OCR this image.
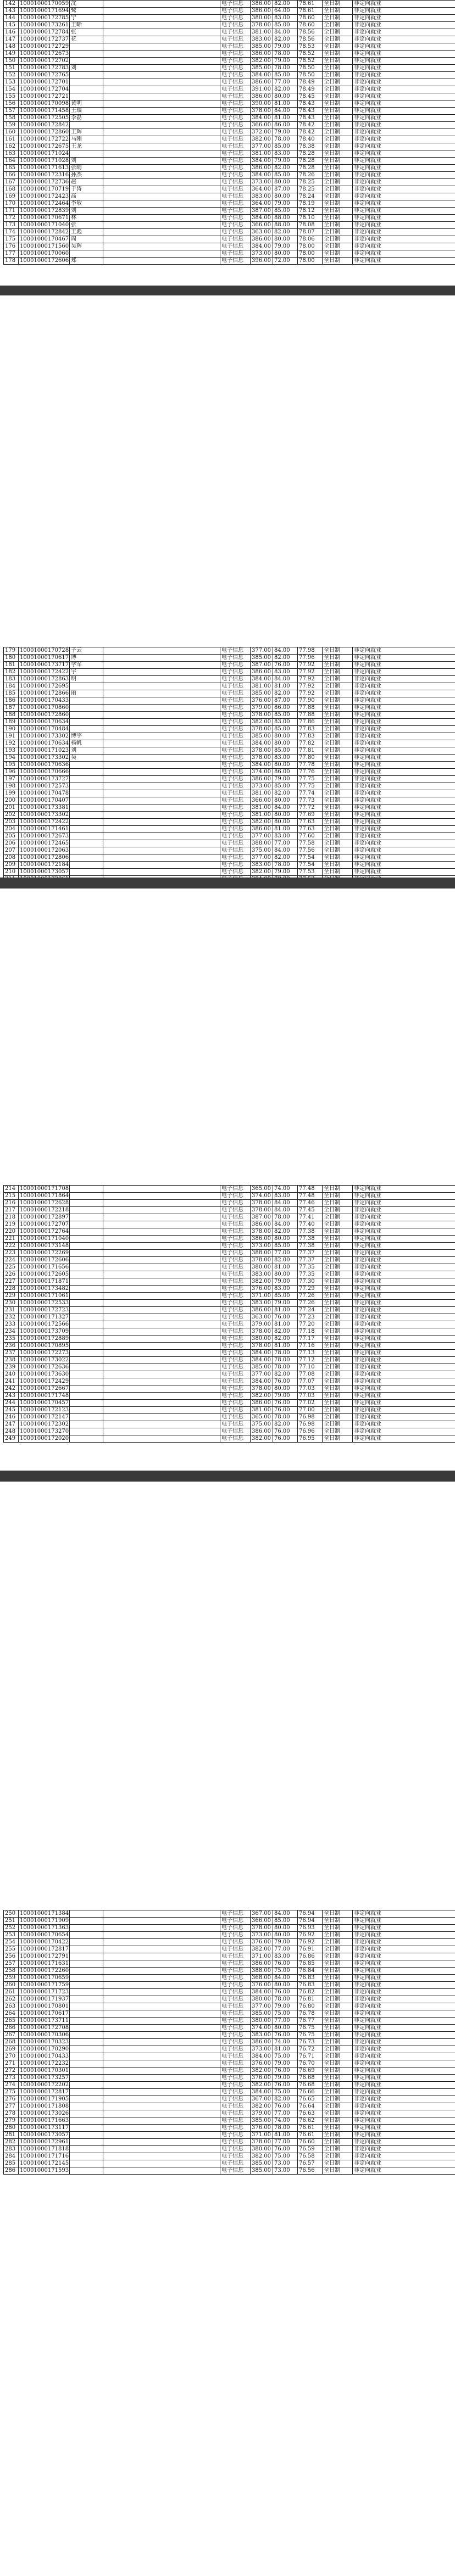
142	10001000170059	沈		电子信息	386.00	82.00	78.61	全日制	非定向就业
143	10001000171694	鹭		电子信息	386.00	64.00	78.61	全日制	非定向就业
144	10001000172785	宁		电子信息	380.00	83.00	78.60	全日制	非定向就业
145	10001000173261	王晰		电子信息	378.00	85.00	78.60	全日制	非定向就业
146	10001000172784	张		电子信息	381.00	84.00	78.56	全日制	非定向就业
147	10001000172737	花		电子信息	383.00	82.00	78.56	全日制	非定向就业
148	10001000172729			电子信息	385.00	79.00	78.53	全日制	非定向就业
149	10001000172673			电子信息	386.00	78.00	78.52	全日制	非定向就业
150	10001000172702			电子信息	382.00	79.00	78.52	全日制	非定向就业
151	10001000172783	刘		电子信息	385.00	78.00	78.50	全日制	非定向就业
152	10001000172765			电子信息	384.00	85.00	78.50	全日制	非定向就业
153	10001000172701			电子信息	386.00	77.00	78.49	全日制	非定向就业
154	10001000172704			电子信息	391.00	82.00	78.49	全日制	非定向就业
155	10001000172721			电子信息	386.00	80.00	78.45	全日制	非定向就业
156	10001000170098	黄明		电子信息	390.00	81.00	78.43	全日制	非定向就业
157	10001000171458	王瑞		电子信息	378.00	84.00	78.43	全日制	非定向就业
158	10001000172505	李磊		电子信息	384.00	81.00	78.43	全日制	非定向就业
159	10001000172842			电子信息	366.00	86.00	78.42	全日制	非定向就业
160	10001000172860	王辉		电子信息	372.00	79.00	78.42	全日制	非定向就业
161	10001000172722	马刚		电子信息	382.00	78.00	78.40	全日制	非定向就业
162	10001000172675	王龙		电子信息	377.00	85.00	78.38	全日制	非定向就业
163	10001000171024			电子信息	381.00	83.00	78.28	全日制	非定向就业
164	10001000171028	刘		电子信息	384.00	79.00	78.28	全日制	非定向就业
165	10001000171613	张晴		电子信息	386.00	82.00	78.28	全日制	非定向就业
166	10001000172316	孙杰		电子信息	384.00	85.00	78.26	全日制	非定向就业
167	10001000172736	赵		电子信息	373.00	80.00	78.25	全日制	非定向就业
168	10001000170719	于涛		电子信息	364.00	87.00	78.25	全日制	非定向就业
169	10001000172423	高		电子信息	383.00	80.00	78.24	全日制	非定向就业
170	10001000172464	李敏		电子信息	364.00	79.00	78.19	全日制	非定向就业
171	10001000172839	刘		电子信息	387.00	85.00	78.12	全日制	非定向就业
172	10001000170671	林		电子信息	384.00	88.00	78.10	全日制	非定向就业
173	10001000171040	张		电子信息	366.00	88.00	78.08	全日制	非定向就业
174	10001000172842	王彪		电子信息	363.00	82.00	78.07	全日制	非定向就业
175	10001000170467	周		电子信息	386.00	80.00	78.06	全日制	非定向就业
176	10001000171560	吴辉		电子信息	384.00	79.00	78.00	全日制	非定向就业
177	10001000170060			电子信息	373.00	80.00	78.00	全日制	非定向就业
178	10001000172606	郑		电子信息	396.00	72.00	78.00	全日制	非定向就业
179	10001000170728	子云		电子信息	377.00	84.00	77.98	全日制	非定向就业
180	10001000170617	博		电子信息	385.00	82.00	77.96	全日制	非定向就业
181	10001000173717	学军		电子信息	387.00	76.00	77.92	全日制	非定向就业
182	10001000172422	宇		电子信息	386.00	83.00	77.92	全日制	非定向就业
183	10001000172863	明		电子信息	384.00	84.00	77.92	全日制	非定向就业
184	10001000172695			电子信息	381.00	81.00	77.92	全日制	非定向就业
185	10001000172866	丽		电子信息	385.00	82.00	77.92	全日制	非定向就业
186	10001000170433			电子信息	376.00	87.00	77.90	全日制	非定向就业
187	10001000170860			电子信息	379.00	86.00	77.88	全日制	非定向就业
188	10001000172860			电子信息	378.00	85.00	77.88	全日制	非定向就业
189	10001000170634			电子信息	382.00	83.00	77.86	全日制	非定向就业
190	10001000170484			电子信息	378.00	85.00	77.83	全日制	非定向就业
191	10001000173302	博宇		电子信息	385.00	80.00	77.83	全日制	非定向就业
192	10001000170634	杨帆		电子信息	384.00	80.00	77.82	全日制	非定向就业
193	10001000171023	刘		电子信息	378.00	85.00	77.81	全日制	非定向就业
194	10001000173302	吴		电子信息	378.00	83.00	77.80	全日制	非定向就业
195	10001000170636			电子信息	384.00	80.00	77.78	全日制	非定向就业
196	10001000170666			电子信息	374.00	86.00	77.76	全日制	非定向就业
197	10001000173727			电子信息	386.00	79.00	77.75	全日制	非定向就业
198	10001000172573			电子信息	373.00	85.00	77.75	全日制	非定向就业
199	10001000170478			电子信息	381.00	82.00	77.74	全日制	非定向就业
200	10001000170407			电子信息	366.00	80.00	77.73	全日制	非定向就业
201	10001000173381			电子信息	381.00	84.00	77.72	全日制	非定向就业
202	10001000173302			电子信息	381.00	80.00	77.69	全日制	非定向就业
203	10001000172422			电子信息	382.00	80.00	77.63	全日制	非定向就业
204	10001000171461			电子信息	386.00	81.00	77.63	全日制	非定向就业
205	10001000172673			电子信息	377.00	83.00	77.60	全日制	非定向就业
206	10001000172465			电子信息	388.00	77.00	77.58	全日制	非定向就业
207	10001000172063			电子信息	375.00	84.00	77.56	全日制	非定向就业
208	10001000172806			电子信息	377.00	82.00	77.54	全日制	非定向就业
209	10001000172184			电子信息	383.00	78.00	77.54	全日制	非定向就业
210	10001000173057			电子信息	382.00	79.00	77.53	全日制	非定向就业

214	10001000171708			电子信息	365.00	74.00	77.48	全日制	非定向就业
215	10001000171864			电子信息	374.00	83.00	77.48	全日制	非定向就业
216	10001000172628			电子信息	378.00	84.00	77.46	全日制	非定向就业
217	10001000172218			电子信息	378.00	84.00	77.45	全日制	非定向就业
218	10001000172897			电子信息	387.00	78.00	77.41	全日制	非定向就业
219	10001000172707			电子信息	386.00	84.00	77.40	全日制	非定向就业
220	10001000172764			电子信息	378.00	82.00	77.38	全日制	非定向就业
221	10001000171040			电子信息	386.00	80.00	77.38	全日制	非定向就业
222	10001000173148			电子信息	373.00	85.00	77.38	全日制	非定向就业
223	10001000172269			电子信息	388.00	77.00	77.37	全日制	非定向就业
224	10001000172606			电子信息	378.00	82.00	77.37	全日制	非定向就业
225	10001000171656			电子信息	380.00	81.00	77.35	全日制	非定向就业
226	10001000172605			电子信息	383.00	80.00	77.35	全日制	非定向就业
227	10001000171871			电子信息	382.00	79.00	77.30	全日制	非定向就业
228	10001000173482			电子信息	376.00	83.00	77.29	全日制	非定向就业
229	10001000171061			电子信息	371.00	85.00	77.26	全日制	非定向就业
230	10001000172533			电子信息	383.00	79.00	77.26	全日制	非定向就业
231	10001000172723			电子信息	386.00	81.00	77.24	全日制	非定向就业
232	10001000171327			电子信息	363.00	76.00	77.23	全日制	非定向就业
233	10001000172566			电子信息	379.00	81.00	77.20	全日制	非定向就业
234	10001000173709			电子信息	378.00	82.00	77.18	全日制	非定向就业
235	10001000172889			电子信息	380.00	82.00	77.17	全日制	非定向就业
236	10001000170895			电子信息	378.00	81.00	77.16	全日制	非定向就业
237	10001000172273			电子信息	384.00	78.00	77.13	全日制	非定向就业
238	10001000173022			电子信息	384.00	78.00	77.12	全日制	非定向就业
239	10001000172636			电子信息	385.00	78.00	77.10	全日制	非定向就业
240	10001000173630			电子信息	377.00	82.00	77.08	全日制	非定向就业
241	10001000172429			电子信息	384.00	76.00	77.07	全日制	非定向就业
242	10001000172667			电子信息	378.00	80.00	77.03	全日制	非定向就业
243	10001000171748			电子信息	382.00	79.00	77.03	全日制	非定向就业
244	10001000170457			电子信息	386.00	76.00	77.02	全日制	非定向就业
245	10001000172123			电子信息	381.00	76.00	77.00	全日制	非定向就业
246	10001000172147			电子信息	365.00	78.00	76.98	全日制	非定向就业
247	10001000172302			电子信息	375.00	82.00	76.98	全日制	非定向就业
248	10001000173270			电子信息	386.00	76.00	76.96	全日制	非定向就业
249	10001000172020			电子信息	382.00	76.00	76.95	全日制	非定向就业
250	10001000171384			电子信息	367.00	84.00	76.94	全日制	非定向就业
251	10001000171909			电子信息	366.00	85.00	76.94	全日制	非定向就业
252	10001000171363			电子信息	378.00	80.00	76.93	全日制	非定向就业
253	10001000170654			电子信息	373.00	80.00	76.92	全日制	非定向就业
254	10001000170422			电子信息	376.00	79.00	76.92	全日制	非定向就业
255	10001000172817			电子信息	382.00	77.00	76.91	全日制	非定向就业
256	10001000172791			电子信息	371.00	83.00	76.86	全日制	非定向就业
257	10001000171631			电子信息	386.00	76.00	76.85	全日制	非定向就业
258	10001000172260			电子信息	388.00	75.00	76.84	全日制	非定向就业
259	10001000170659			电子信息	368.00	84.00	76.83	全日制	非定向就业
260	10001000171759			电子信息	376.00	80.00	76.83	全日制	非定向就业
261	10001000171723			电子信息	384.00	76.00	76.82	全日制	非定向就业
262	10001000171937			电子信息	380.00	78.00	76.81	全日制	非定向就业
263	10001000170801			电子信息	377.00	79.00	76.80	全日制	非定向就业
264	10001000170617			电子信息	385.00	75.00	76.78	全日制	非定向就业
265	10001000173711			电子信息	380.00	77.00	76.77	全日制	非定向就业
266	10001000172708			电子信息	374.00	80.00	76.75	全日制	非定向就业
267	10001000170306			电子信息	383.00	76.00	76.75	全日制	非定向就业
268	10001000170323			电子信息	386.00	74.00	76.73	全日制	非定向就业
269	10001000170290			电子信息	373.00	81.00	76.72	全日制	非定向就业
270	10001000170433			电子信息	384.00	75.00	76.71	全日制	非定向就业
271	10001000172232			电子信息	376.00	79.00	76.70	全日制	非定向就业
272	10001000170301			电子信息	382.00	76.00	76.69	全日制	非定向就业
273	10001000173257			电子信息	376.00	79.00	76.68	全日制	非定向就业
274	10001000172202			电子信息	382.00	76.00	76.68	全日制	非定向就业
275	10001000172817			电子信息	384.00	75.00	76.66	全日制	非定向就业
276	10001000171905			电子信息	367.00	82.00	76.65	全日制	非定向就业
277	10001000171808			电子信息	382.00	76.00	76.64	全日制	非定向就业
278	10001000173026			电子信息	379.00	77.00	76.63	全日制	非定向就业
279	10001000171663			电子信息	385.00	74.00	76.62	全日制	非定向就业
280	10001000173117			电子信息	376.00	78.00	76.61	全日制	非定向就业
281	10001000173057			电子信息	371.00	81.00	76.61	全日制	非定向就业
282	10001000172961			电子信息	378.00	77.00	76.60	全日制	非定向就业
283	10001000171818			电子信息	380.00	76.00	76.59	全日制	非定向就业
284	10001000171716			电子信息	382.00	75.00	76.58	全日制	非定向就业
285	10001000172145			电子信息	385.00	73.00	76.57	全日制	非定向就业
286	10001000171593			电子信息	385.00	73.00	76.56	全日制	非定向就业
